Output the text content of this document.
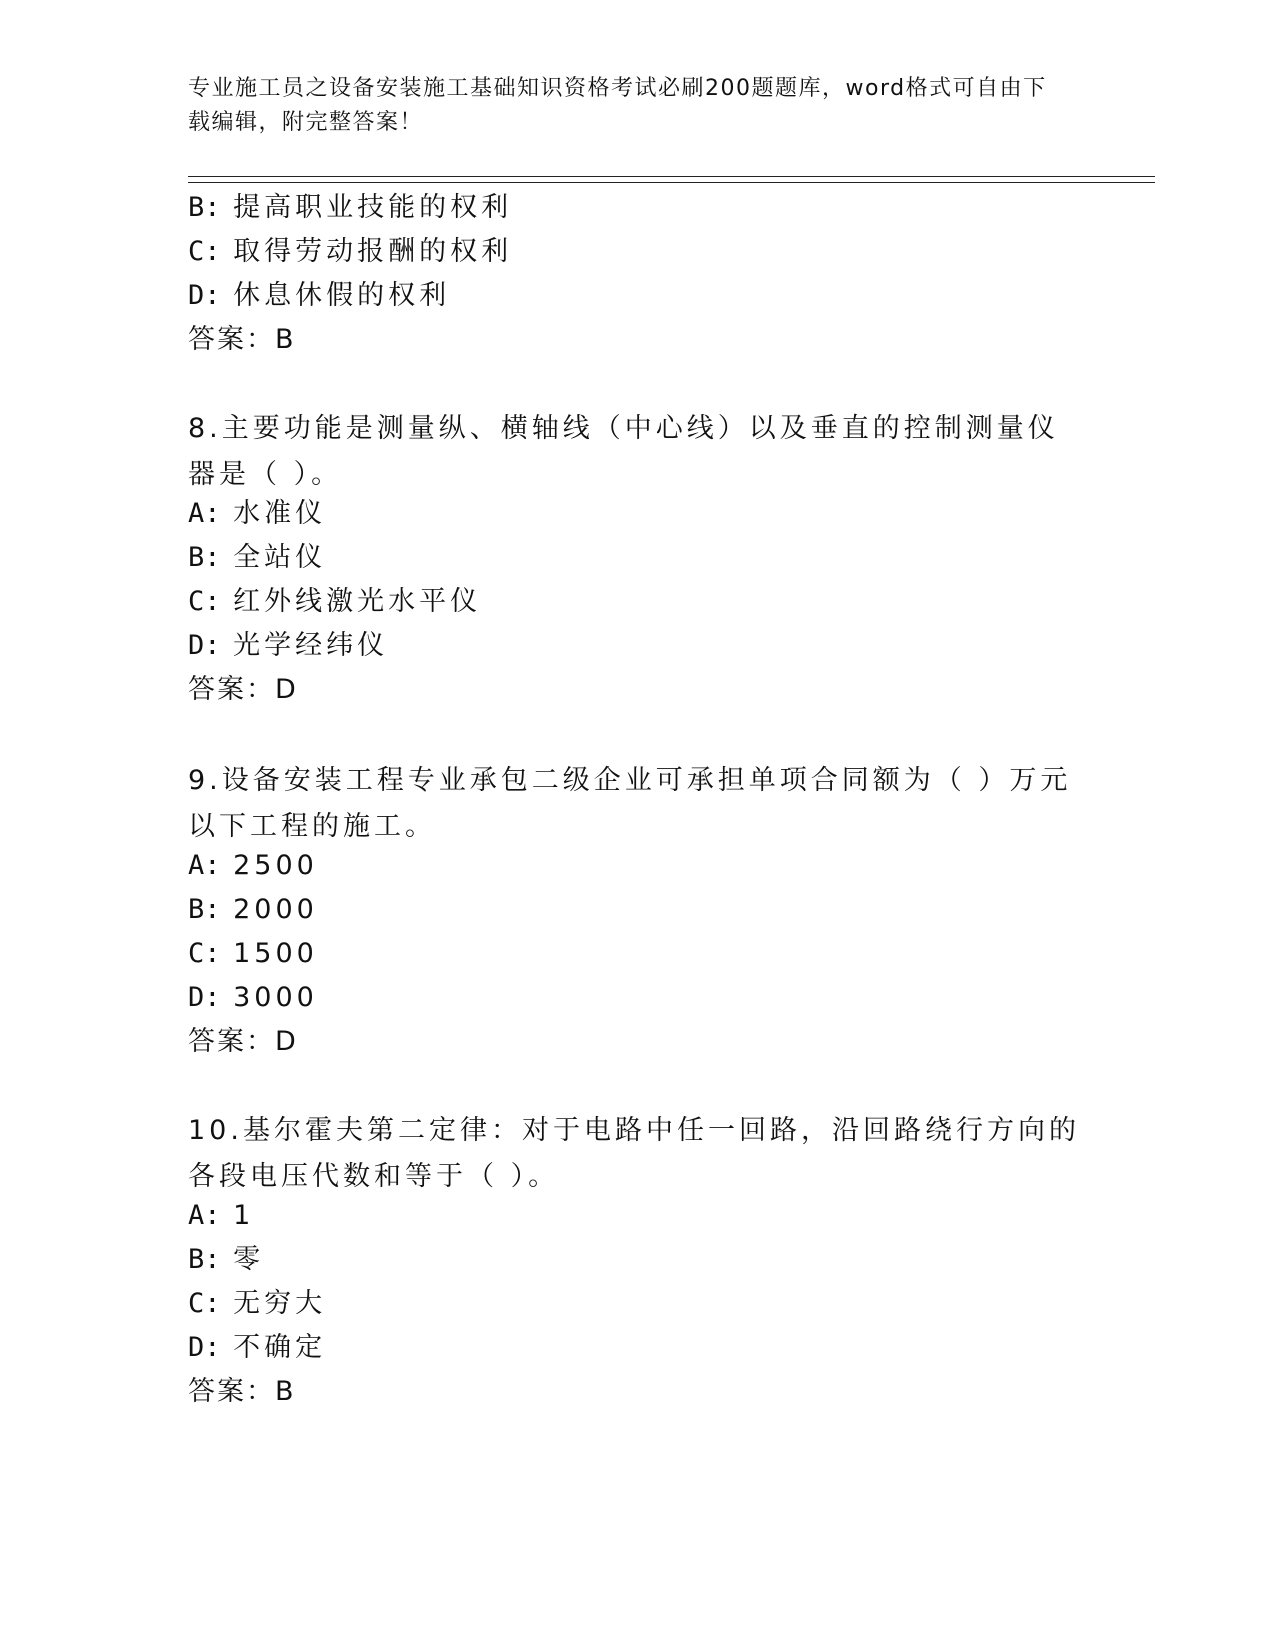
专业施工员之设备安装施工基础知识资格考试必刷200题题库，word格式可自由下载编辑，附完整答案！
B: 提高职业技能的权利
C: 取得劳动报酬的权利
D: 休息休假的权利
答案：B
8.主要功能是测量纵、横轴线（中心线）以及垂直的控制测量仪器是（ ）。
A: 水准仪
B: 全站仪
C: 红外线激光水平仪
D: 光学经纬仪
答案：D
9.设备安装工程专业承包二级企业可承担单项合同额为（ ）万元以下工程的施工。
A: 2500
B: 2000
C: 1500
D: 3000
答案：D
10.基尔霍夫第二定律：对于电路中任一回路，沿回路绕行方向的各段电压代数和等于（ ）。
A: 1
B: 零
C: 无穷大
D: 不确定
答案：B
